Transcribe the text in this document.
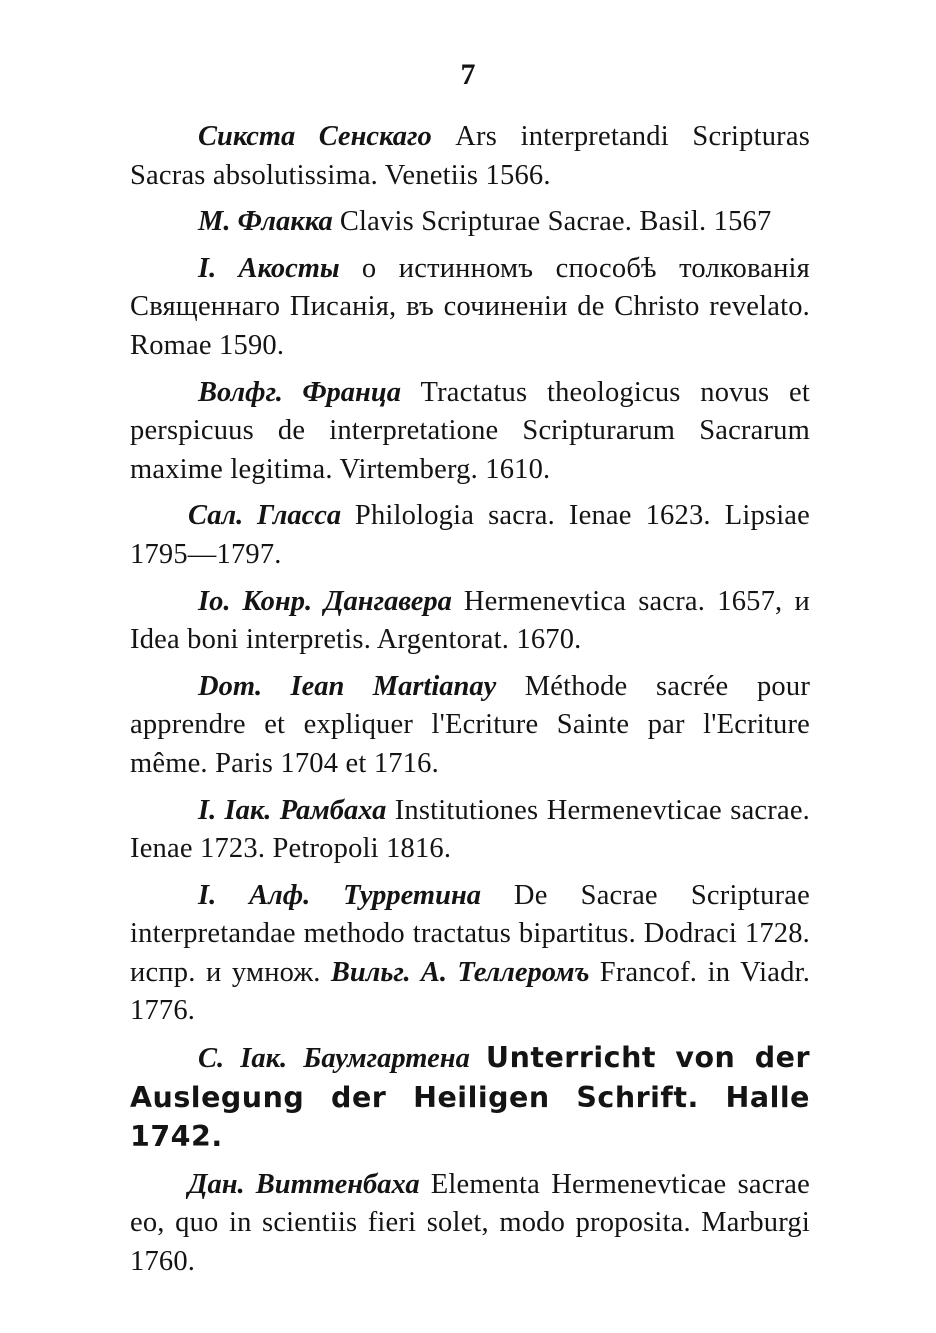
7

Сикста Сенскаго Ars interpretandi Scripturas Sacras absolutissima. Venetiis 1566.

М. Флакка Clavis Scripturae Sacrae. Basil. 1567

I. Акосты о истинномъ способѣ толкованія Священнаго Писанія, въ сочиненіи de Christo revelato. Romae 1590.

Волфг. Франца Tractatus theologicus novus et perspicuus de interpretatione Scripturarum Sacrarum maxime legitima. Virtemberg. 1610.

Сал. Глассa Philologia sacra. Ienae 1623. Lipsiae 1795—1797.

Io. Конр. Дангавера Hermenevtica sacra. 1657, и Idea boni interpretis. Argentorat. 1670.

Dom. Iean Martianay Méthode sacrée pour apprendre et expliquer l'Ecriture Sainte par l'Ecriture même. Paris 1704 et 1716.

I. Іак. Рамбаха Institutiones Hermenevticae sacrae. Ienae 1723. Petropoli 1816.

I. Алф. Турретина De Sacrae Scripturae interpretandae methodo tractatus bipartitus. Dodraci 1728. испр. и умнож. Вильг. А. Теллеромъ Francof. in Viadr. 1776.

С. Іак. Баумгартена Unterricht von der Auslegung der Heiligen Schrift. Halle 1742.

Дан. Виттенбаха Elementa Hermenevticae sacrae eo, quo in scientiis fieri solet, modo proposita. Marburgi 1760.
